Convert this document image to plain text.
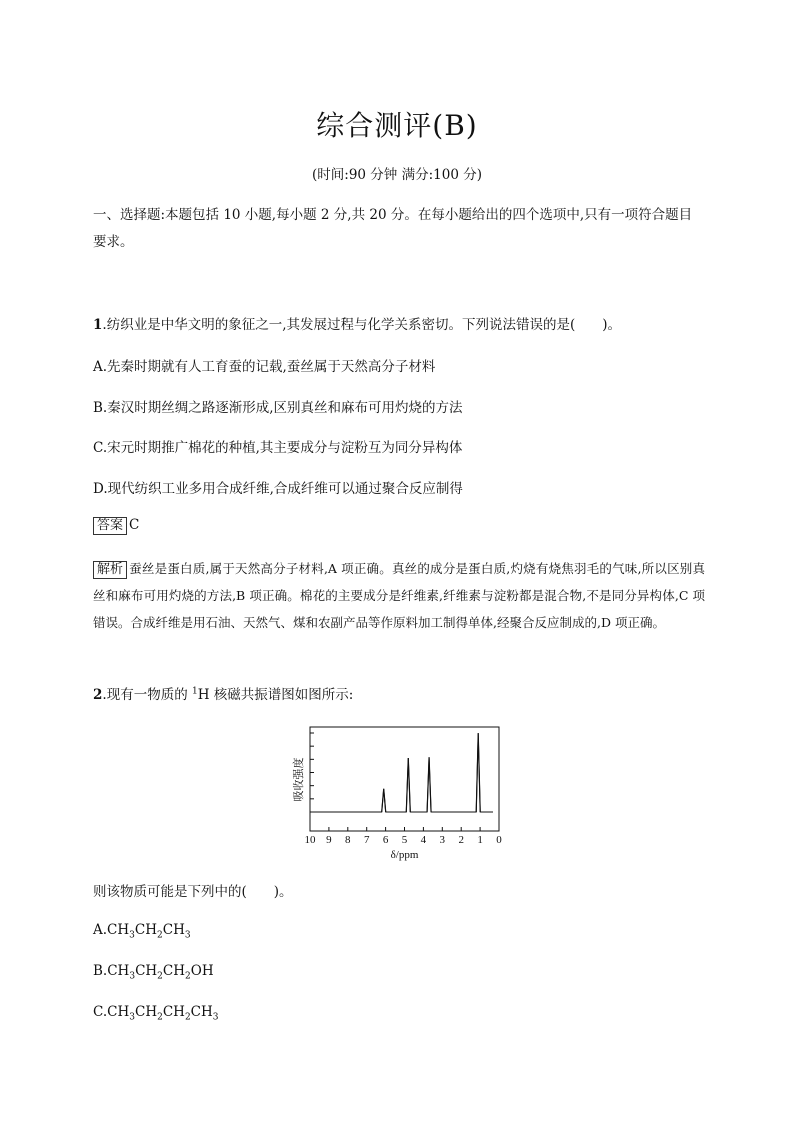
综合测评(B)
(时间:90 分钟 满分:100 分)
一、选择题:本题包括 10 小题,每小题 2 分,共 20 分。在每小题给出的四个选项中,只有一项符合题目要求。
1.纺织业是中华文明的象征之一,其发展过程与化学关系密切。下列说法错误的是(　　)。
A.先秦时期就有人工育蚕的记载,蚕丝属于天然高分子材料
B.秦汉时期丝绸之路逐渐形成,区别真丝和麻布可用灼烧的方法
C.宋元时期推广棉花的种植,其主要成分与淀粉互为同分异构体
D.现代纺织工业多用合成纤维,合成纤维可以通过聚合反应制得
答案 C
解析 蚕丝是蛋白质,属于天然高分子材料,A 项正确。真丝的成分是蛋白质,灼烧有烧焦羽毛的气味,所以区别真丝和麻布可用灼烧的方法,B 项正确。棉花的主要成分是纤维素,纤维素与淀粉都是混合物,不是同分异构体,C 项错误。合成纤维是用石油、天然气、煤和农副产品等作原料加工制得单体,经聚合反应制成的,D 项正确。
2.现有一物质的 $^1$H 核磁共振谱图如图所示:
10 9 8 7 6 5 4 3 2 1 0
δ/ppm
吸收强度
则该物质可能是下列中的(　　)。
$A.CH_3CH_2CH_3$
$B.CH_3CH_2CH_2OH$
$C.CH_3CH_2CH_2CH_3$
